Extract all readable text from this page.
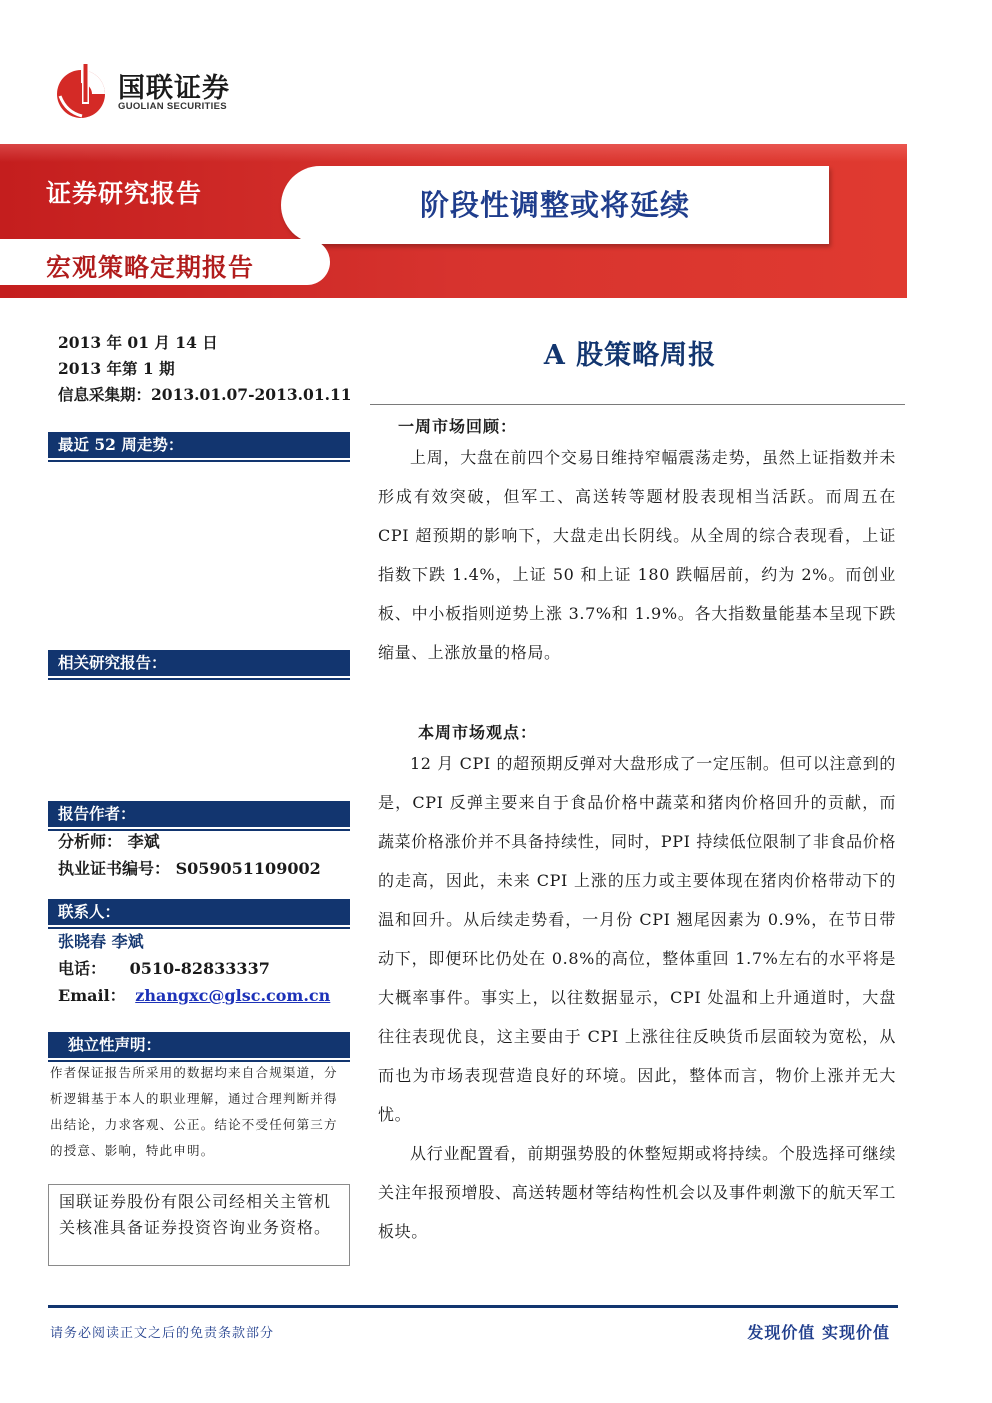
国联证券
GUOLIAN SECURITIES
证券研究报告	阶段性调整或将延续
宏观策略定期报告
2013 年 01 月 14 日
2013 年第 1 期
信息采集期：2013.01.07-2013.01.11
最近 52 周走势：
相关研究报告：
报告作者：
分析师： 李斌
执业证书编号： S059051109002
联系人：
张晓春 李斌
电话： 0510-82833337
Email： zhangxc@glsc.com.cn
独立性声明：
作者保证报告所采用的数据均来自合规渠道，分析逻辑基于本人的职业理解，通过合理判断并得出结论，力求客观、公正。结论不受任何第三方的授意、影响，特此申明。
国联证券股份有限公司经相关主管机关核准具备证券投资咨询业务资格。
A 股策略周报
一周市场回顾：
上周，大盘在前四个交易日维持窄幅震荡走势，虽然上证指数并未形成有效突破，但军工、高送转等题材股表现相当活跃。而周五在 CPI 超预期的影响下，大盘走出长阴线。从全周的综合表现看，上证指数下跌 1.4%，上证 50 和上证 180 跌幅居前，约为 2%。而创业板、中小板指则逆势上涨 3.7%和 1.9%。各大指数量能基本呈现下跌缩量、上涨放量的格局。
本周市场观点：
12 月 CPI 的超预期反弹对大盘形成了一定压制。但可以注意到的是，CPI 反弹主要来自于食品价格中蔬菜和猪肉价格回升的贡献，而蔬菜价格涨价并不具备持续性，同时，PPI 持续低位限制了非食品价格的走高，因此，未来 CPI 上涨的压力或主要体现在猪肉价格带动下的温和回升。从后续走势看，一月份 CPI 翘尾因素为 0.9%，在节日带动下，即便环比仍处在 0.8%的高位，整体重回 1.7%左右的水平将是大概率事件。事实上，以往数据显示，CPI 处温和上升通道时，大盘往往表现优良，这主要由于 CPI 上涨往往反映货币层面较为宽松，从而也为市场表现营造良好的环境。因此，整体而言，物价上涨并无大忧。
从行业配置看，前期强势股的休整短期或将持续。个股选择可继续关注年报预增股、高送转题材等结构性机会以及事件刺激下的航天军工板块。
请务必阅读正文之后的免责条款部分	发现价值 实现价值
